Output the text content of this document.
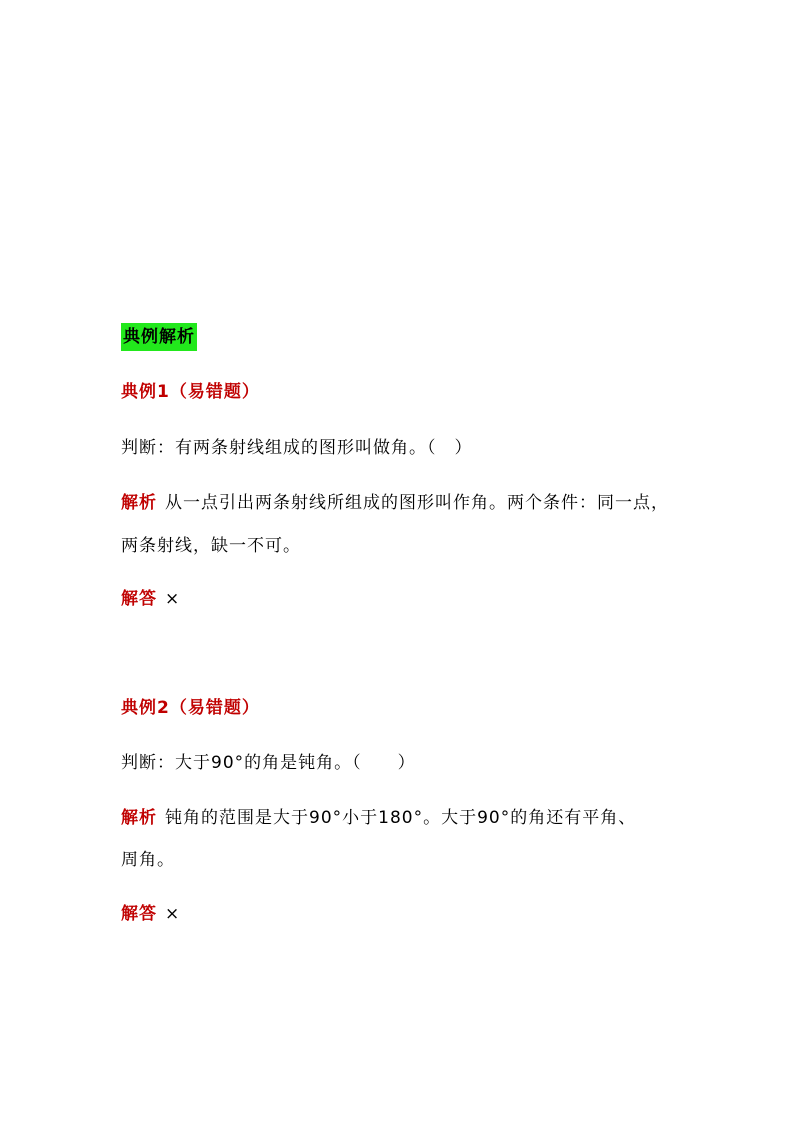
典例解析
典例1（易错题）
判断：有两条射线组成的图形叫做角。（　）
解析 从一点引出两条射线所组成的图形叫作角。两个条件：同一点，
两条射线，缺一不可。
解答 ×
典例2（易错题）
判断：大于90°的角是钝角。（　　）
解析 钝角的范围是大于90°小于180°。大于90°的角还有平角、
周角。
解答 ×
